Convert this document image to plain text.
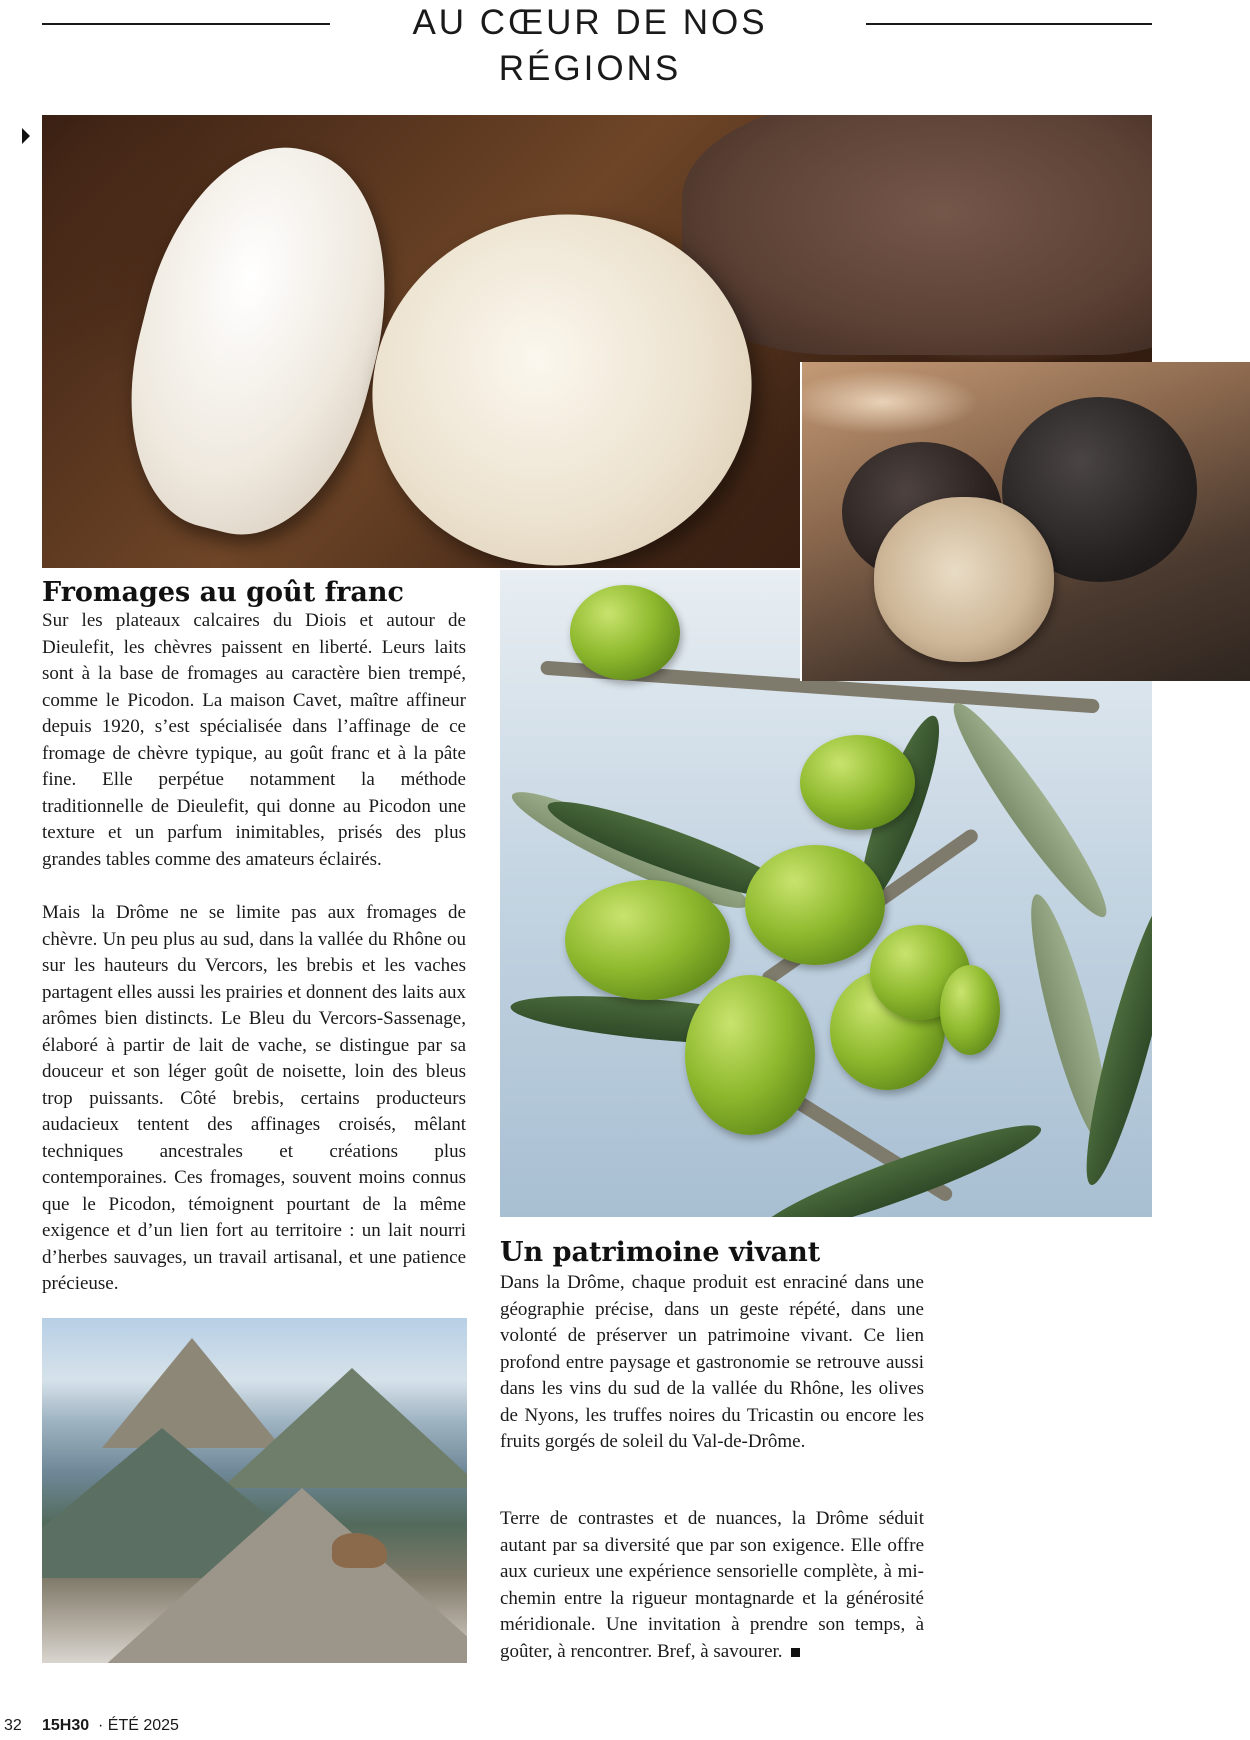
AU CŒUR DE NOS RÉGIONS
Fromages au goût franc

Sur les plateaux calcaires du Diois et autour de Dieulefit, les chèvres paissent en liberté. Leurs laits sont à la base de fromages au caractère bien trempé, comme le Picodon. La maison Cavet, maître affineur depuis 1920, s’est spécialisée dans l’affinage de ce fromage de chèvre typique, au goût franc et à la pâte fine. Elle perpétue notamment la méthode traditionnelle de Dieulefit, qui donne au Picodon une texture et un parfum inimitables, prisés des plus grandes tables comme des amateurs éclairés.

Mais la Drôme ne se limite pas aux fromages de chèvre. Un peu plus au sud, dans la vallée du Rhône ou sur les hauteurs du Vercors, les brebis et les vaches partagent elles aussi les prairies et donnent des laits aux arômes bien distincts. Le Bleu du Vercors-Sassenage, élaboré à partir de lait de vache, se distingue par sa douceur et son léger goût de noisette, loin des bleus trop puissants. Côté brebis, certains producteurs audacieux tentent des affinages croisés, mêlant techniques ancestrales et créations plus contemporaines. Ces fromages, souvent moins connus que le Picodon, témoignent pourtant de la même exigence et d’un lien fort au territoire : un lait nourri d’herbes sauvages, un travail artisanal, et une patience précieuse.

Un patrimoine vivant

Dans la Drôme, chaque produit est enraciné dans une géographie précise, dans un geste répété, dans une volonté de préserver un patrimoine vivant. Ce lien profond entre paysage et gastronomie se retrouve aussi dans les vins du sud de la vallée du Rhône, les olives de Nyons, les truffes noires du Tricastin ou encore les fruits gorgés de soleil du Val-de-Drôme.

Terre de contrastes et de nuances, la Drôme séduit autant par sa diversité que par son exigence. Elle offre aux curieux une expérience sensorielle complète, à mi-chemin entre la rigueur montagnarde et la générosité méridionale. Une invitation à prendre son temps, à goûter, à rencontrer. Bref, à savourer.

32 15H30 · ÉTÉ 2025
